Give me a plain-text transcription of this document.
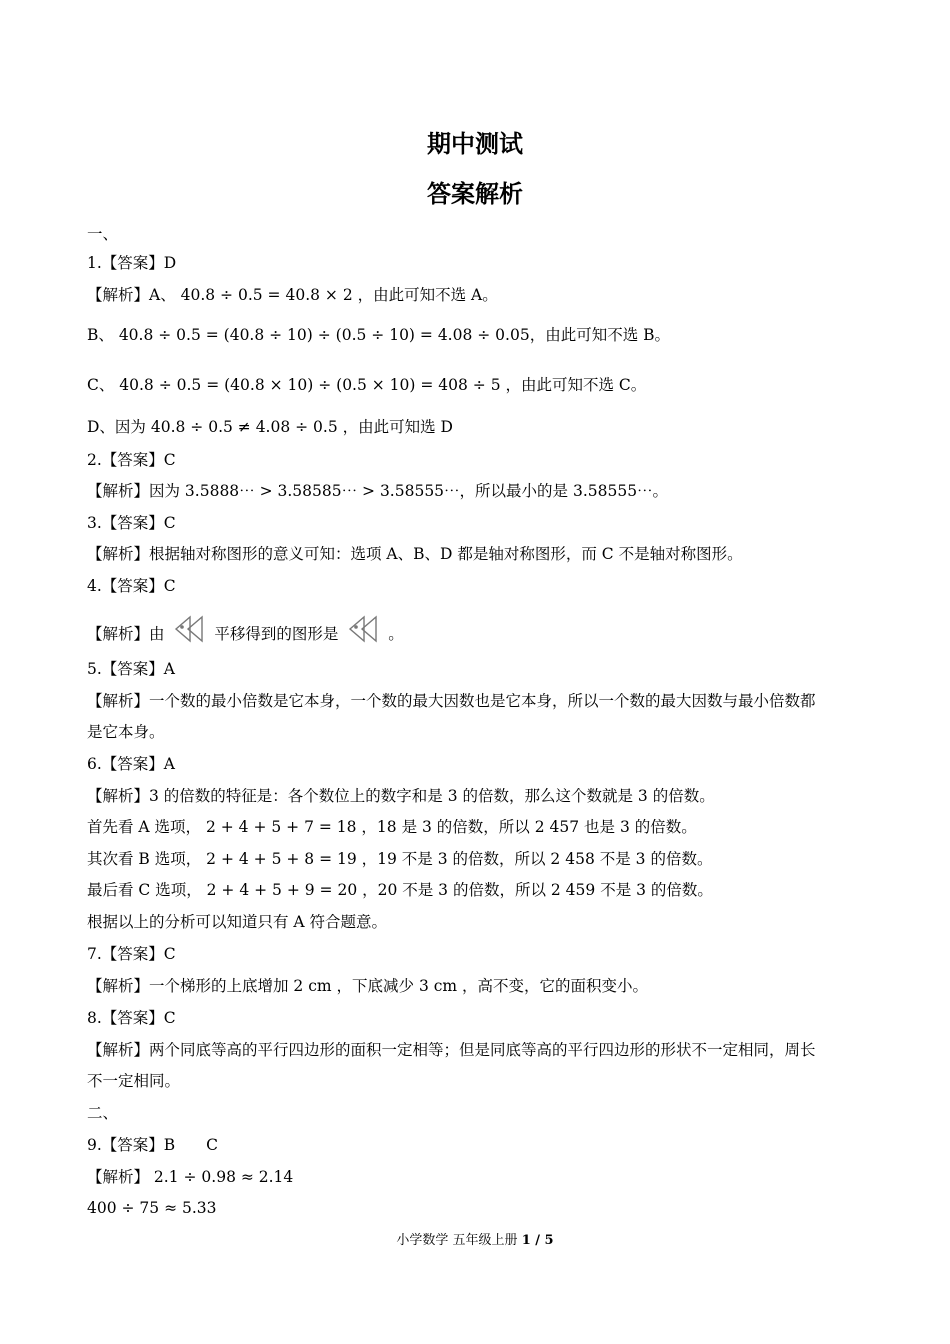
期中测试
答案解析
一、
1.【答案】D
【解析】A、 40.8 ÷ 0.5 = 40.8 × 2 ，由此可知不选 A。
B、 40.8 ÷ 0.5 = (40.8 ÷ 10) ÷ (0.5 ÷ 10) = 4.08 ÷ 0.05，由此可知不选 B。
C、 40.8 ÷ 0.5 = (40.8 × 10) ÷ (0.5 × 10) = 408 ÷ 5 ，由此可知不选 C。
D、因为 40.8 ÷ 0.5 ≠ 4.08 ÷ 0.5 ，由此可知选 D
2.【答案】C
【解析】因为 3.5888⋯ > 3.58585⋯ > 3.58555⋯，所以最小的是 3.58555⋯。
3.【答案】C
【解析】根据轴对称图形的意义可知：选项 A、B、D 都是轴对称图形，而 C 不是轴对称图形。
4.【答案】C
【解析】由	平移得到的图形是	。
5.【答案】A
【解析】一个数的最小倍数是它本身，一个数的最大因数也是它本身，所以一个数的最大因数与最小倍数都
是它本身。
6.【答案】A
【解析】3 的倍数的特征是：各个数位上的数字和是 3 的倍数，那么这个数就是 3 的倍数。
首先看 A 选项， 2 + 4 + 5 + 7 = 18 ，18 是 3 的倍数，所以 2 457 也是 3 的倍数。
其次看 B 选项， 2 + 4 + 5 + 8 = 19 ，19 不是 3 的倍数，所以 2 458 不是 3 的倍数。
最后看 C 选项， 2 + 4 + 5 + 9 = 20 ，20 不是 3 的倍数，所以 2 459 不是 3 的倍数。
根据以上的分析可以知道只有 A 符合题意。
7.【答案】C
【解析】一个梯形的上底增加 2 cm ，下底减少 3 cm ，高不变，它的面积变小。
8.【答案】C
【解析】两个同底等高的平行四边形的面积一定相等；但是同底等高的平行四边形的形状不一定相同，周长
不一定相同。
二、
9.【答案】B　　C
【解析】 2.1 ÷ 0.98 ≈ 2.14
400 ÷ 75 ≈ 5.33
小学数学 五年级上册 1 / 5
